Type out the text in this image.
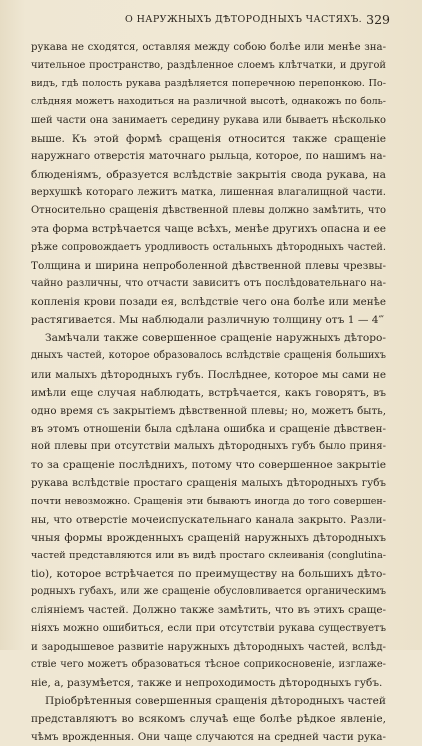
О НАРУЖНЫХЪ ДѢТОРОДНЫХЪ ЧАСТЯХЪ. 329
рукава не сходятся, оставляя между собою болѣе или менѣе зна-
чительное пространство, раздѣленное слоемъ клѣтчатки, и другой
видъ, гдѣ полость рукава раздѣляется поперечною перепонкою. По-
слѣдняя можетъ находиться на различной высотѣ, однакожъ по боль-
шей части она занимаетъ середину рукава или бываетъ нѣсколько
выше. Къ этой формѣ сращенія относится также сращеніе
наружнаго отверстія маточнаго рыльца, которое, по нашимъ на-
блюденіямъ, образуется вслѣдствіе закрытія свода рукава, на
верхушкѣ котораго лежитъ матка, лишенная влагалищной части.
Относительно сращенія дѣвственной плевы должно замѣтить, что
эта форма встрѣчается чаще всѣхъ, менѣе другихъ опасна и ее
рѣже сопровождаетъ уродливость остальныхъ дѣтородныхъ частей.
Толщина и ширина непроболенной дѣвственной плевы чрезвы-
чайно различны, что отчасти зависитъ отъ послѣдовательнаго на-
копленія крови позади ея, вслѣдствіе чего она болѣе или менѣе
растягивается. Мы наблюдали различную толщину отъ 1 — 4‴
Замѣчали также совершенное сращеніе наружныхъ дѣторо-
дныхъ частей, которое образовалось вслѣдствіе сращенія большихъ
или малыхъ дѣтородныхъ губъ. Послѣднее, которое мы сами не
имѣли еще случая наблюдать, встрѣчается, какъ говорятъ, въ
одно время съ закрытіемъ дѣвственной плевы; но, можетъ быть,
въ этомъ отношеніи была сдѣлана ошибка и сращеніе дѣвствен-
ной плевы при отсутствіи малыхъ дѣтородныхъ губъ было приня-
то за сращеніе послѣднихъ, потому что совершенное закрытіе
рукава вслѣдствіе простаго сращенія малыхъ дѣтородныхъ губъ
почти невозможно. Сращенія эти бываютъ иногда до того совершен-
ны, что отверстіе мочеиспускательнаго канала закрыто. Разли-
чныя формы врожденныхъ сращеній наружныхъ дѣтородныхъ
частей представляются или въ видѣ простаго склеиванія (conglutina-
tio), которое встрѣчается по преимуществу на большихъ дѣто-
родныхъ губахъ, или же сращеніе обусловливается органическимъ
сліяніемъ частей. Должно также замѣтить, что въ этихъ сраще-
ніяхъ можно ошибиться, если при отсутствіи рукава существуетъ
и зародышевое развитіе наружныхъ дѣтородныхъ частей, вслѣд-
ствіе чего можетъ образоваться тѣсное соприкосновеніе, изглаже-
ніе, а, разумѣется, также и непроходимость дѣтородныхъ губъ.
Пріобрѣтенныя совершенныя сращенія дѣтородныхъ частей
представляютъ во всякомъ случаѣ еще болѣе рѣдкое явленіе,
чѣмъ врожденныя. Они чаще случаются на средней части рука-
